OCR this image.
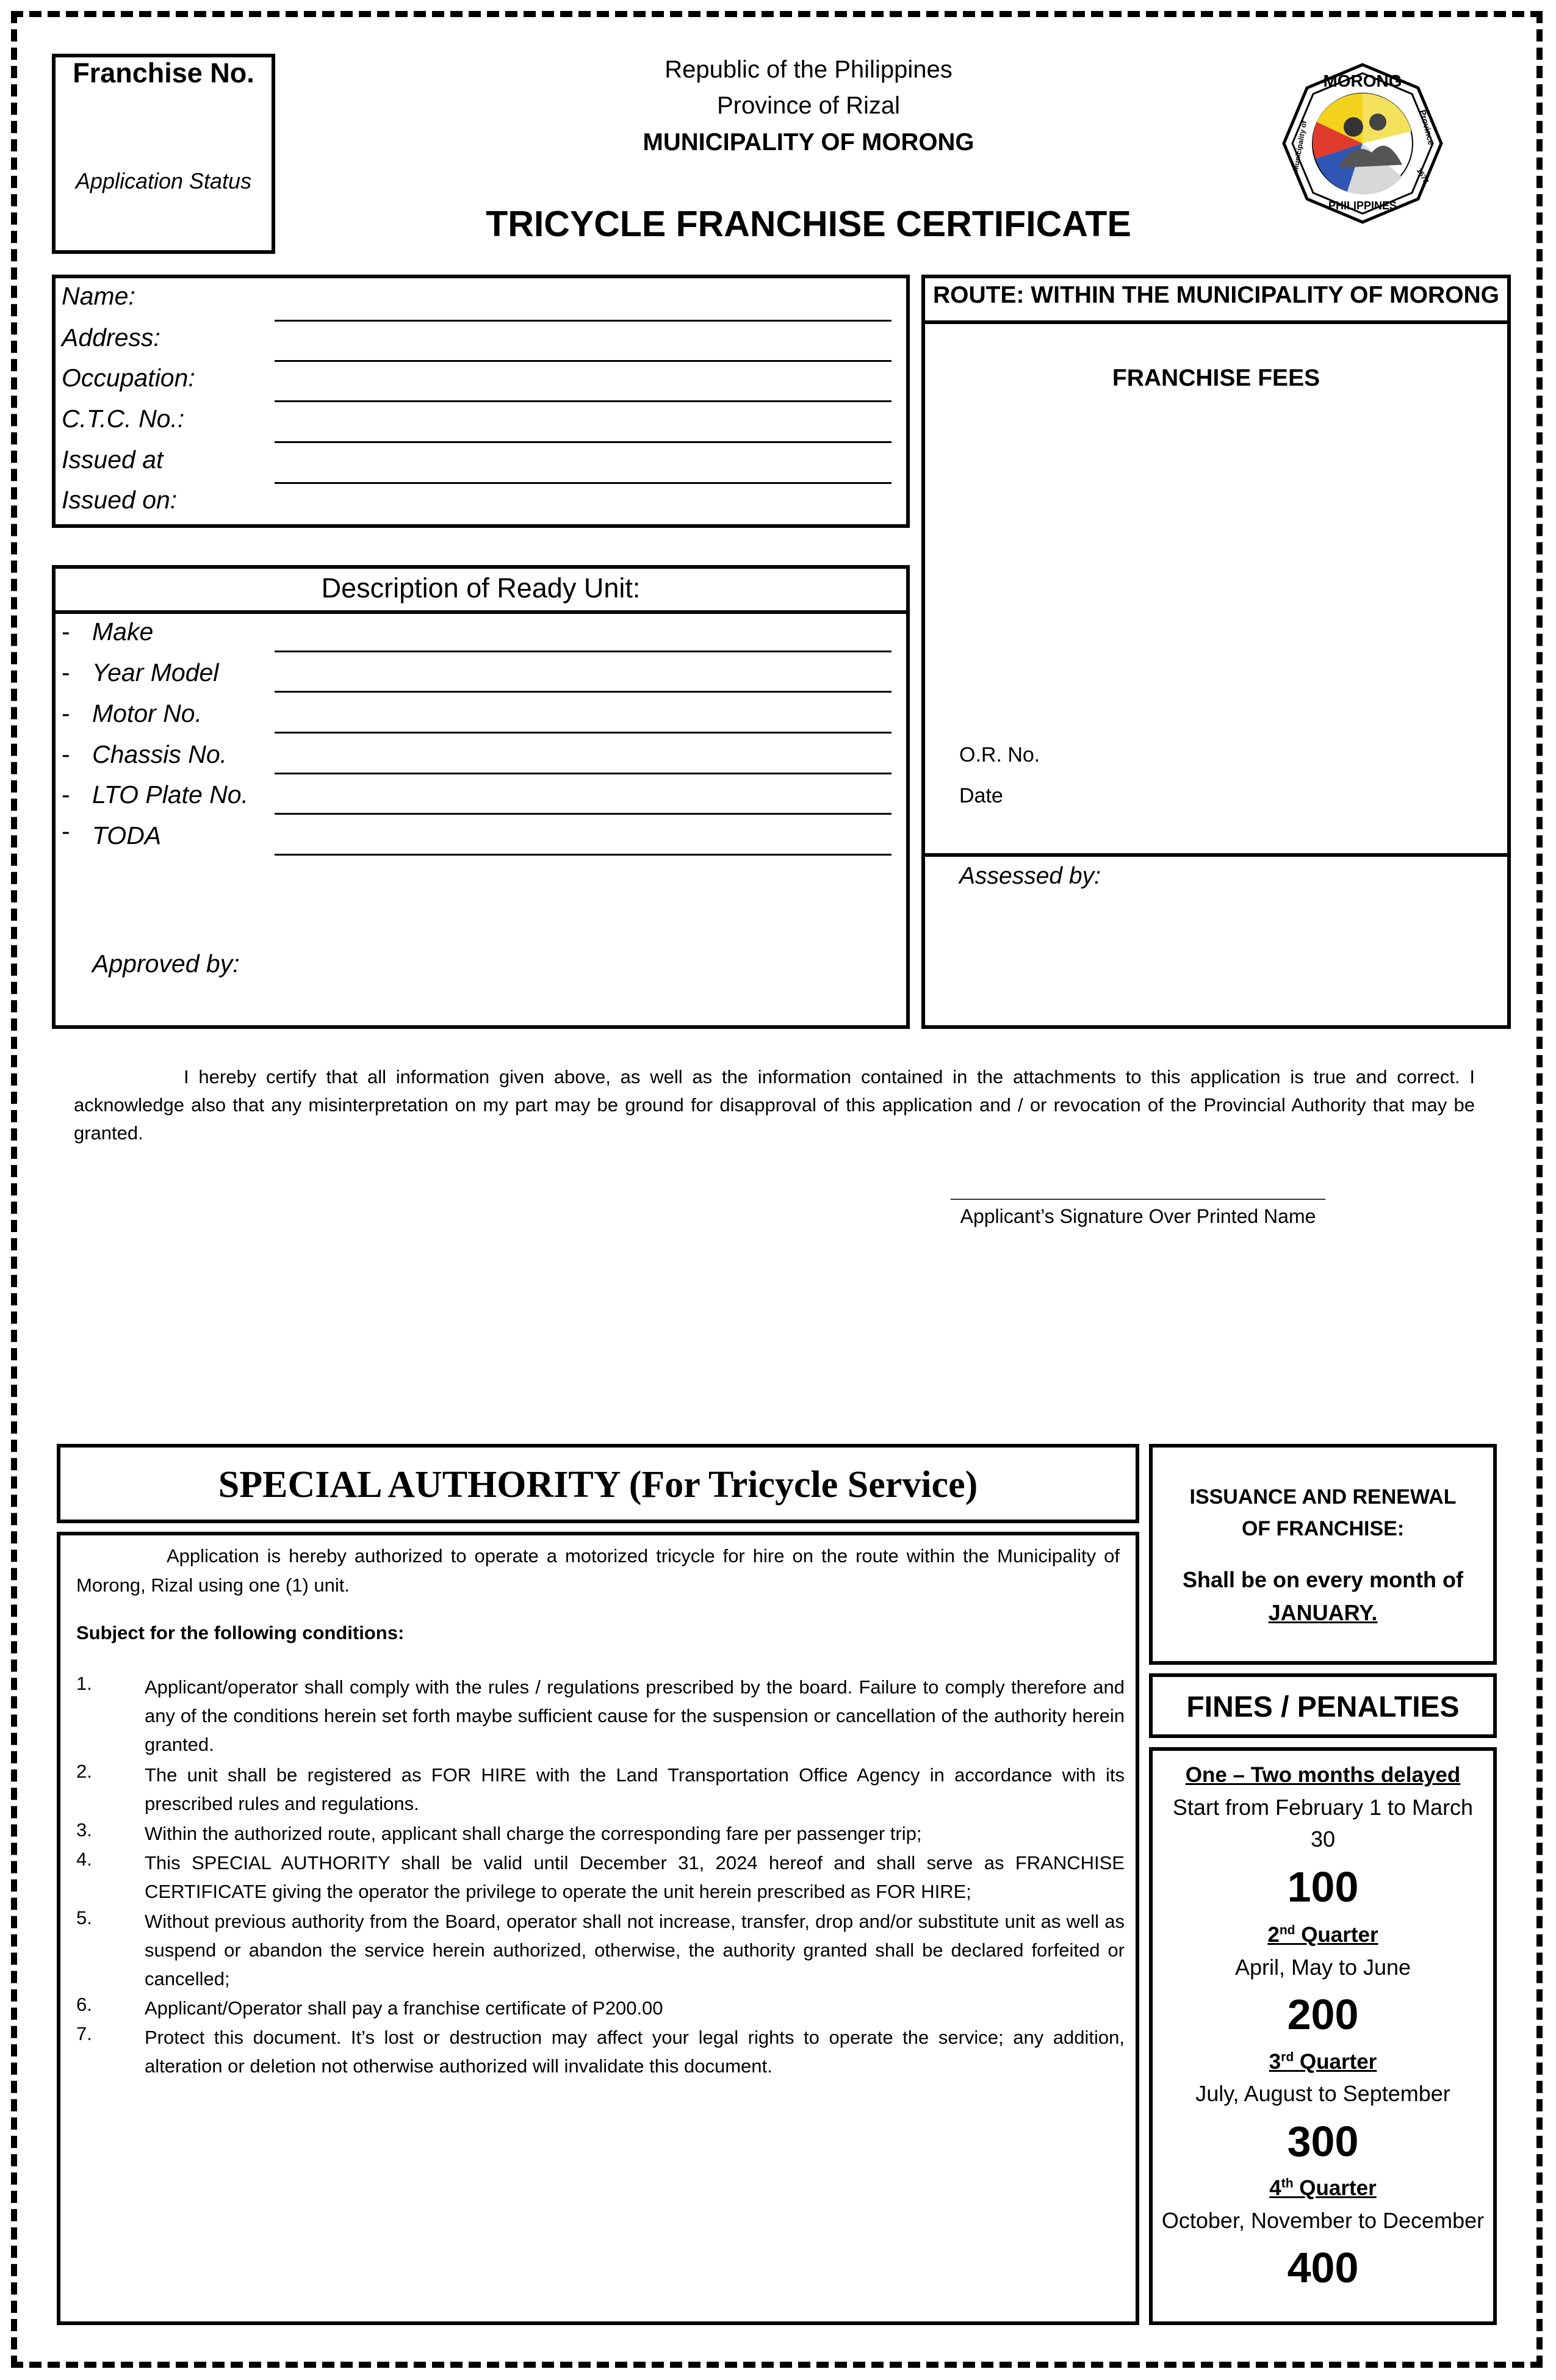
Franchise No.
Application Status
Republic of the Philippines
Province of Rizal
MUNICIPALITY OF MORONG
TRICYCLE FRANCHISE CERTIFICATE
MORONG
PHILIPPINES
Municipality of	Province
1578
Name:
Address:
Occupation:
C.T.C. No.:
Issued at
Issued on:
ROUTE: WITHIN THE MUNICIPALITY OF MORONG
FRANCHISE FEES
O.R. No.
Date
Assessed by:
Description of Ready Unit:
- Make
- Year Model
- Motor No.
- Chassis No.
- LTO Plate No.
- TODA
Approved by:
I hereby certify that all information given above, as well as the information contained in the attachments to this application is true and correct. I acknowledge also that any misinterpretation on my part may be ground for disapproval of this application and / or revocation of the Provincial Authority that may be granted.
______________________________________________
Applicant’s Signature Over Printed Name
SPECIAL AUTHORITY (For Tricycle Service)
Application is hereby authorized to operate a motorized tricycle for hire on the route within the Municipality of Morong, Rizal using one (1) unit.
Subject for the following conditions:
1.	Applicant/operator shall comply with the rules / regulations prescribed by the board. Failure to comply therefore and any of the conditions herein set forth maybe sufficient cause for the suspension or cancellation of the authority herein granted.
2.	The unit shall be registered as FOR HIRE with the Land Transportation Office Agency in accordance with its prescribed rules and regulations.
3.	Within the authorized route, applicant shall charge the corresponding fare per passenger trip;
4.	This SPECIAL AUTHORITY shall be valid until December 31, 2024 hereof and shall serve as FRANCHISE CERTIFICATE giving the operator the privilege to operate the unit herein prescribed as FOR HIRE;
5.	Without previous authority from the Board, operator shall not increase, transfer, drop and/or substitute unit as well as suspend or abandon the service herein authorized, otherwise, the authority granted shall be declared forfeited or cancelled;
6.	Applicant/Operator shall pay a franchise certificate of P200.00
7.	Protect this document. It’s lost or destruction may affect your legal rights to operate the service; any addition, alteration or deletion not otherwise authorized will invalidate this document.
ISSUANCE AND RENEWAL
OF FRANCHISE:
Shall be on every month of
JANUARY.
FINES / PENALTIES
One – Two months delayed
Start from February 1 to March
30
100
2nd Quarter
April, May to June
200
3rd Quarter
July, August to September
300
4th Quarter
October, November to December
400
